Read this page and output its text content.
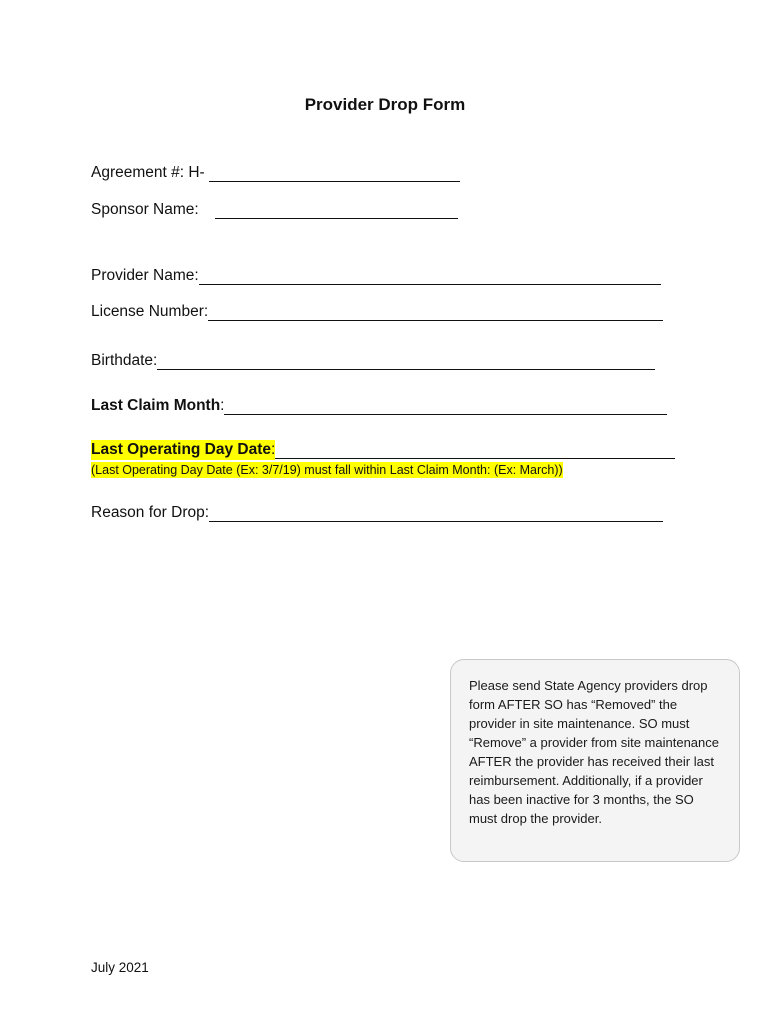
Provider Drop Form
Agreement #: H-
Sponsor Name:
Provider Name:
License Number:
Birthdate:
Last Claim Month :
Last Operating Day Date :
(Last Operating Day Date (Ex: 3/7/19) must fall within Last Claim Month: (Ex: March))
Reason for Drop:

Please send State Agency providers drop form AFTER SO has “Removed” the provider in site maintenance. SO must “Remove” a provider from site maintenance AFTER the provider has received their last reimbursement. Additionally, if a provider has been inactive for 3 months, the SO must drop the provider.

July 2021
